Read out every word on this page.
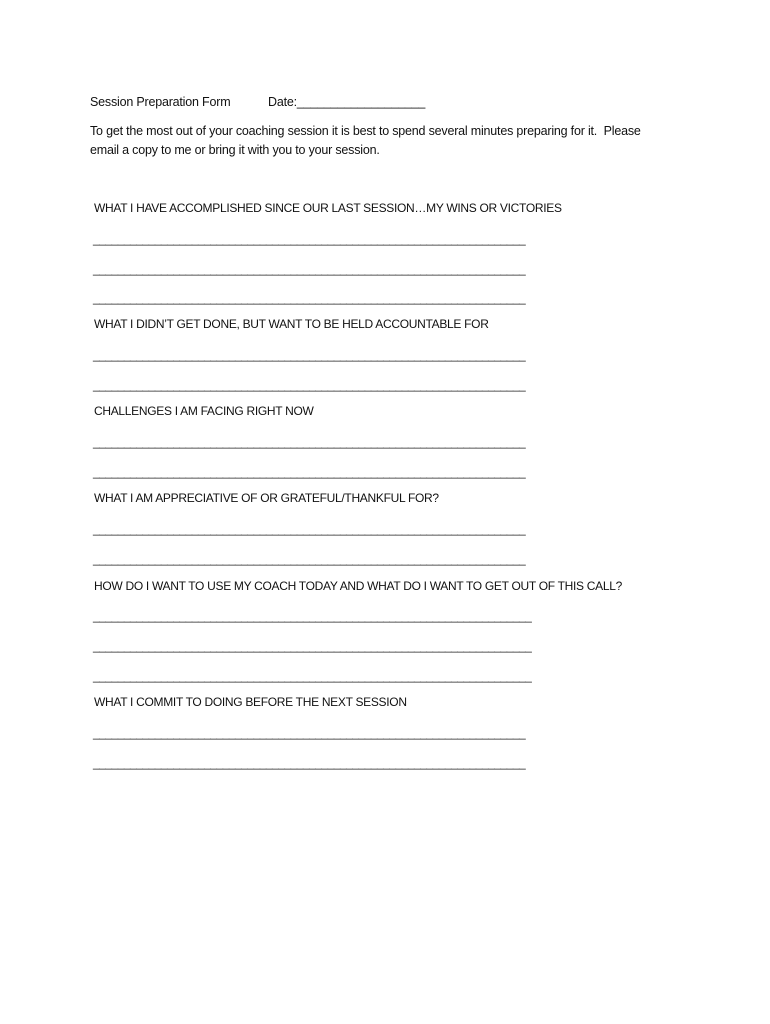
Session Preparation Form	Date:___________________
To get the most out of your coaching session it is best to spend several minutes preparing for it.  Please
email a copy to me or bring it with you to your session.
WHAT I HAVE ACCOMPLISHED SINCE OUR LAST SESSION…MY WINS OR VICTORIES
______________________________________________________________________
______________________________________________________________________
______________________________________________________________________
WHAT I DIDN’T GET DONE, BUT WANT TO BE HELD ACCOUNTABLE FOR
______________________________________________________________________
______________________________________________________________________
CHALLENGES I AM FACING RIGHT NOW
______________________________________________________________________
______________________________________________________________________
WHAT I AM APPRECIATIVE OF OR GRATEFUL/THANKFUL FOR?
______________________________________________________________________
______________________________________________________________________
HOW DO I WANT TO USE MY COACH TODAY AND WHAT DO I WANT TO GET OUT OF THIS CALL?
_______________________________________________________________________
_______________________________________________________________________
_______________________________________________________________________
WHAT I COMMIT TO DOING BEFORE THE NEXT SESSION
______________________________________________________________________
______________________________________________________________________
